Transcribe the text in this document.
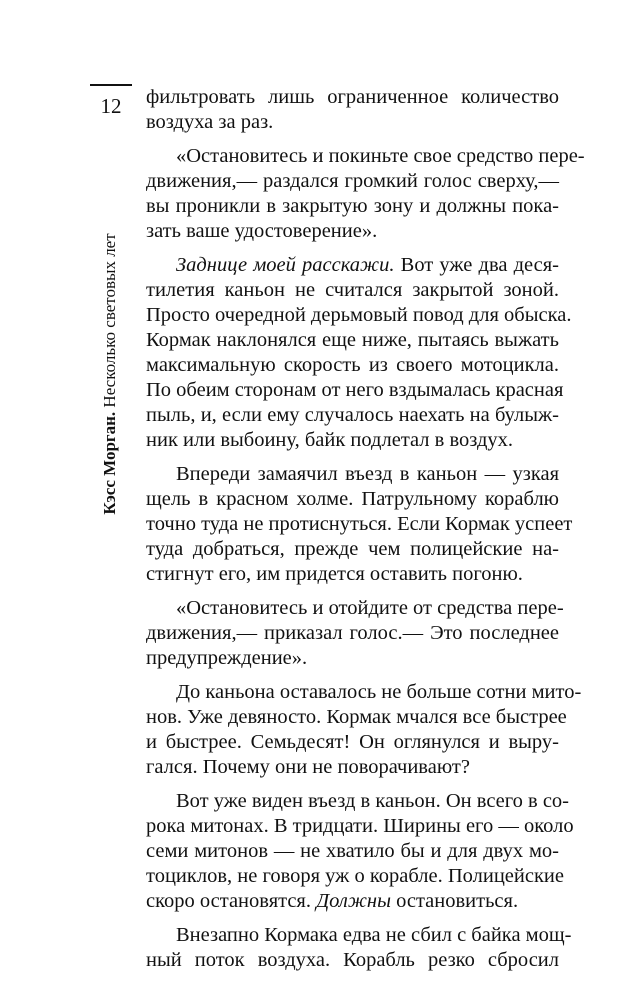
12
Кэсс Морган. Несколько световых лет
фильтровать лишь ограниченное количество
воздуха за раз.
«Остановитесь и покиньте свое средство пере-
движения,— раздался громкий голос сверху,—
вы проникли в закрытую зону и должны пока-
зать ваше удостоверение».
Заднице моей расскажи. Вот уже два деся-
тилетия каньон не считался закрытой зоной.
Просто очередной дерьмовый повод для обыска.
Кормак наклонялся еще ниже, пытаясь выжать
максимальную скорость из своего мотоцикла.
По обеим сторонам от него вздымалась красная
пыль, и, если ему случалось наехать на булыж-
ник или выбоину, байк подлетал в воздух.
Впереди замаячил въезд в каньон — узкая
щель в красном холме. Патрульному кораблю
точно туда не протиснуться. Если Кормак успеет
туда добраться, прежде чем полицейские на-
стигнут его, им придется оставить погоню.
«Остановитесь и отойдите от средства пере-
движения,— приказал голос.— Это последнее
предупреждение».
До каньона оставалось не больше сотни мито-
нов. Уже девяносто. Кормак мчался все быстрее
и быстрее. Семьдесят! Он оглянулся и выру-
гался. Почему они не поворачивают?
Вот уже виден въезд в каньон. Он всего в со-
рока митонах. В тридцати. Ширины его — около
семи митонов — не хватило бы и для двух мо-
тоциклов, не говоря уж о корабле. Полицейские
скоро остановятся. Должны остановиться.
Внезапно Кормака едва не сбил с байка мощ-
ный поток воздуха. Корабль резко сбросил
